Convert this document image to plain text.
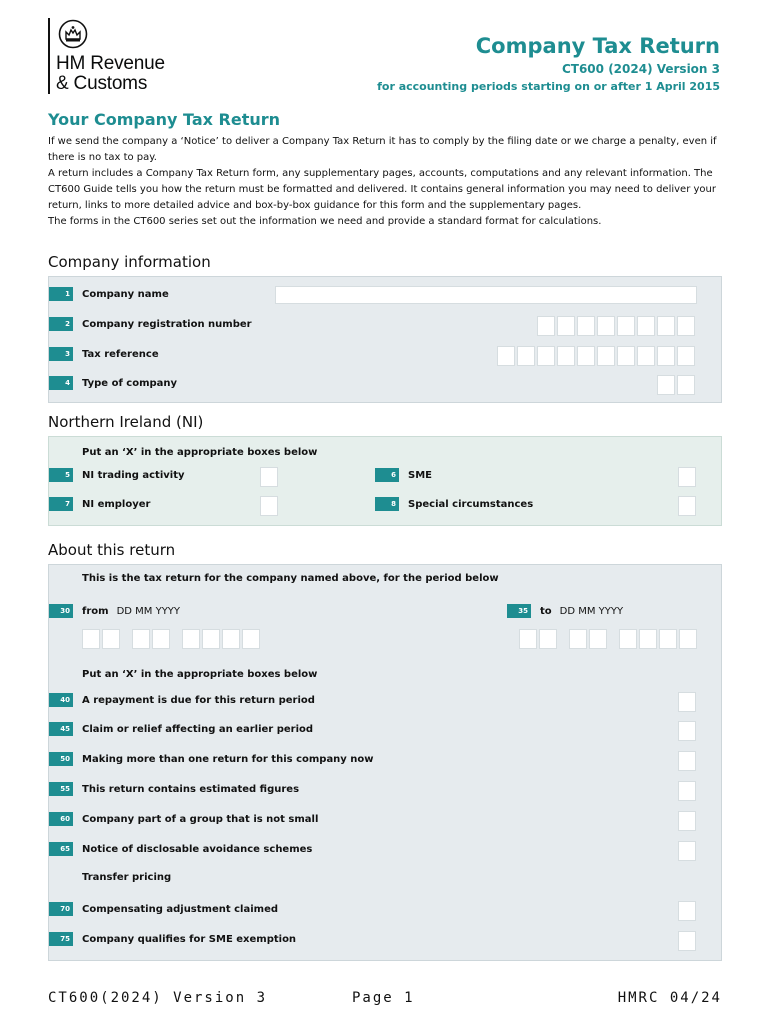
HM Revenue
& Customs
Company Tax Return
CT600 (2024) Version 3
for accounting periods starting on or after 1 April 2015
Your Company Tax Return

If we send the company a ‘Notice’ to deliver a Company Tax Return it has to comply by the filing date or we charge a penalty, even if there is no tax to pay.

A return includes a Company Tax Return form, any supplementary pages, accounts, computations and any relevant information. The CT600 Guide tells you how the return must be formatted and delivered. It contains general information you may need to deliver your return, links to more detailed advice and box-by-box guidance for this form and the supplementary pages.

The forms in the CT600 series set out the information we need and provide a standard format for calculations.

Company information
1	Company name
2	Company registration number
3	Tax reference
4	Type of company
Northern Ireland (NI)
Put an ‘X’ in the appropriate boxes below
5	NI trading activity	6	SME
7	NI employer	8	Special circumstances
About this return
This is the tax return for the company named above, for the period below
30	from DD MM YYYY	35	to DD MM YYYY
Put an ‘X’ in the appropriate boxes below
40	A repayment is due for this return period
45	Claim or relief affecting an earlier period
50	Making more than one return for this company now
55	This return contains estimated figures
60	Company part of a group that is not small
65	Notice of disclosable avoidance schemes
Transfer pricing
70	Compensating adjustment claimed
75	Company qualifies for SME exemption
CT600(2024) Version 3	Page 1	HMRC 04/24
